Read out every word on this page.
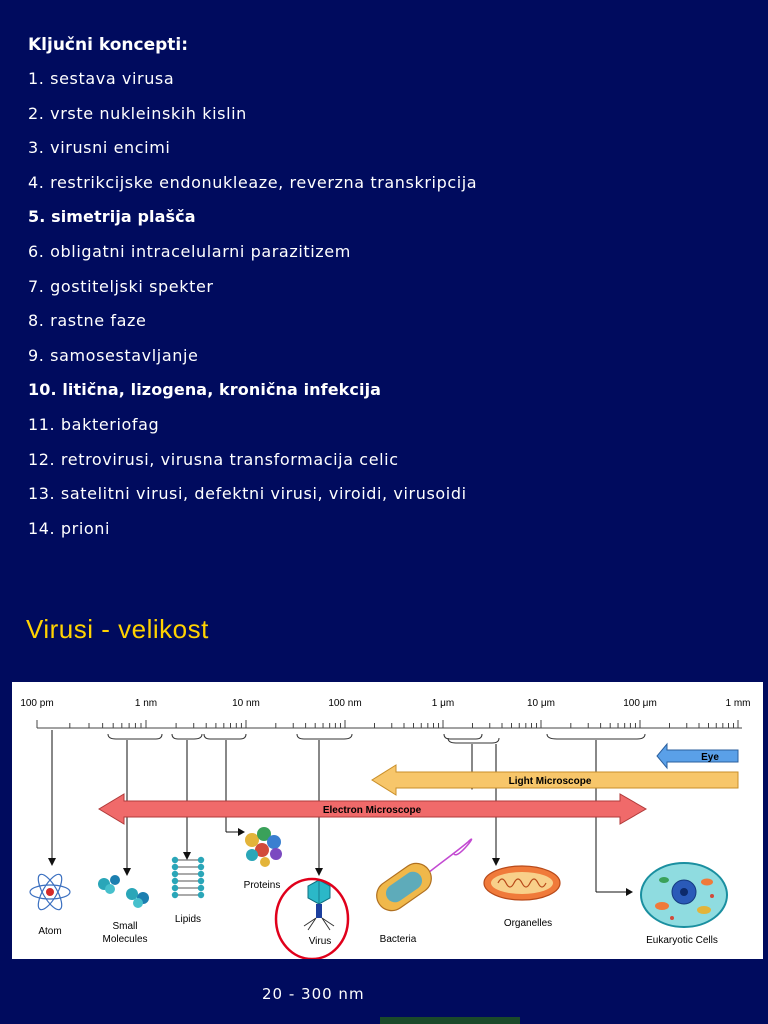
Ključni koncepti:
1. sestava virusa
2. vrste nukleinskih kislin
3. virusni encimi
4. restrikcijske endonukleaze, reverzna transkripcija
5. simetrija plašča
6. obligatni intracelularni parazitizem
7. gostiteljski spekter
8. rastne faze
9. samosestavljanje
10. litična, lizogena, kronična infekcija
11. bakteriofag
12. retrovirusi, virusna transformacija celic
13. satelitni virusi, defektni virusi, viroidi, virusoidi
14. prioni
Virusi - velikost
100 pm	1 nm	10 nm	100 nm	1 μm	10 μm	100 μm	1 mm
Eye
Light Microscope
Electron Microscope
Atom	Small
Molecules
Lipids
Proteins
Virus	Bacteria
Organelles
Eukaryotic Cells
20 - 300 nm
